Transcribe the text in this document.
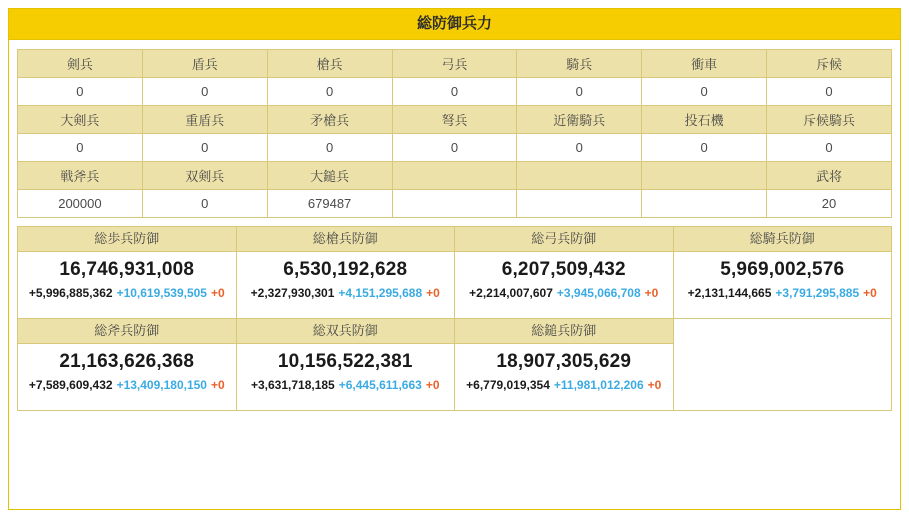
総防御兵力
剣兵	盾兵	槍兵	弓兵	騎兵	衝車	斥候
0	0	0	0	0	0	0
大剣兵	重盾兵	矛槍兵	弩兵	近衛騎兵	投石機	斥候騎兵
0	0	0	0	0	0	0
戦斧兵	双剣兵	大鎚兵				武将
200000	0	679487				20
総歩兵防御
16,746,931,008
+5,996,885,362 +10,619,539,505 +0

総槍兵防御
6,530,192,628
+2,327,930,301 +4,151,295,688 +0

総弓兵防御
6,207,509,432
+2,214,007,607 +3,945,066,708 +0

総騎兵防御
5,969,002,576
+2,131,144,665 +3,791,295,885 +0

総斧兵防御
21,163,626,368
+7,589,609,432 +13,409,180,150 +0

総双兵防御
10,156,522,381
+3,631,718,185 +6,445,611,663 +0

総鎚兵防御
18,907,305,629
+6,779,019,354 +11,981,012,206 +0
